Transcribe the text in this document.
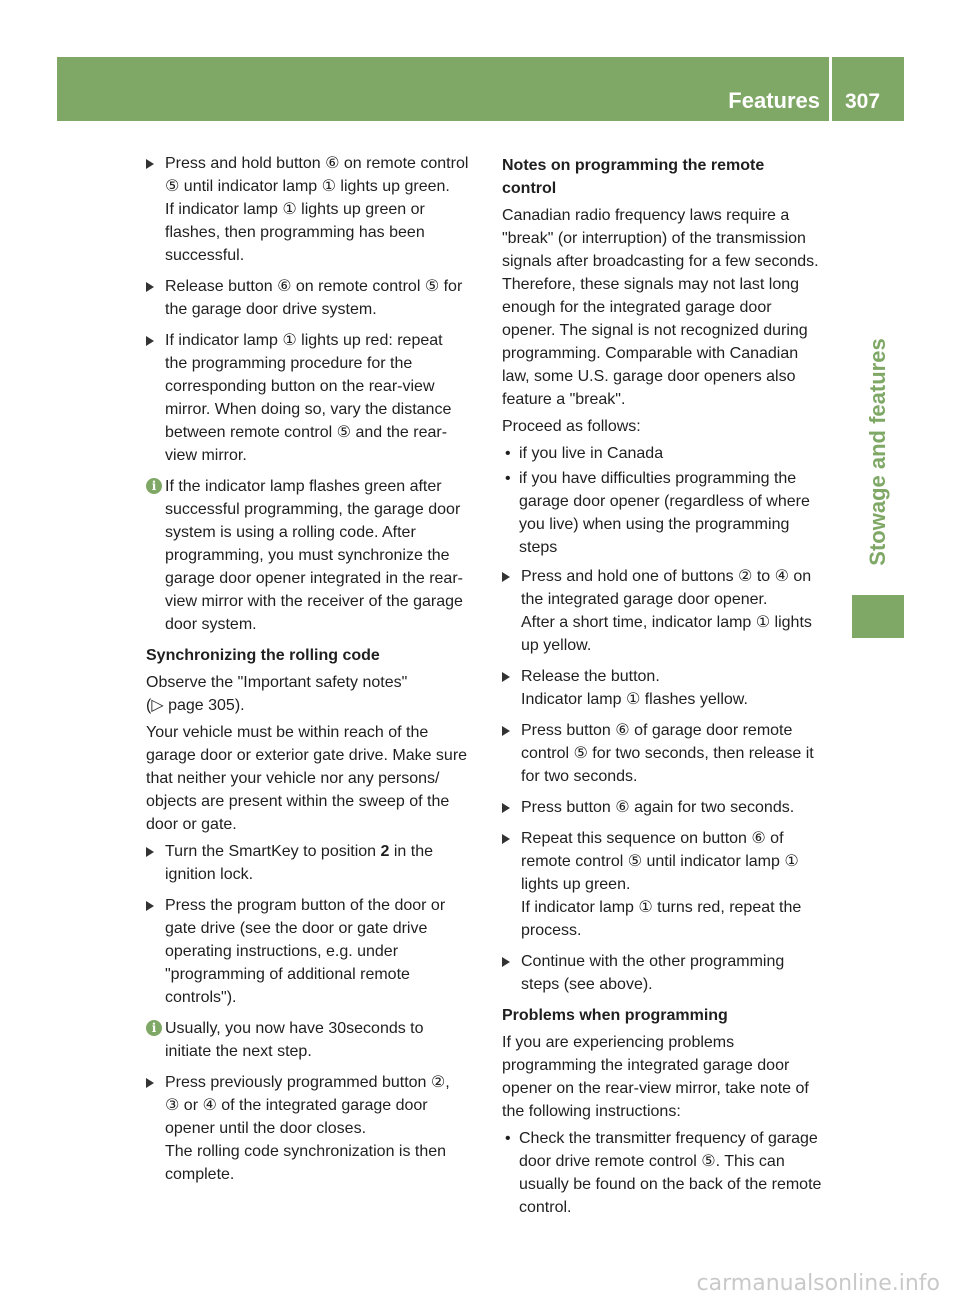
Features 307
Stowage and features
Press and hold button ⑥ on remote control
⑤ until indicator lamp ① lights up green.
If indicator lamp ① lights up green or
flashes, then programming has been
successful.
Release button ⑥ on remote control ⑤ for
the garage door drive system.
If indicator lamp ① lights up red: repeat
the programming procedure for the
corresponding button on the rear-view
mirror. When doing so, vary the distance
between remote control ⑤ and the rear-
view mirror.
i If the indicator lamp flashes green after
successful programming, the garage door
system is using a rolling code. After
programming, you must synchronize the
garage door opener integrated in the rear-
view mirror with the receiver of the garage
door system.
Synchronizing the rolling code
Observe the "Important safety notes"
(▷ page 305).
Your vehicle must be within reach of the
garage door or exterior gate drive. Make sure
that neither your vehicle nor any persons/
objects are present within the sweep of the
door or gate.
Turn the SmartKey to position 2 in the
ignition lock.
Press the program button of the door or
gate drive (see the door or gate drive
operating instructions, e.g. under
"programming of additional remote
controls").
i Usually, you now have 30seconds to
initiate the next step.
Press previously programmed button ②,
③ or ④ of the integrated garage door
opener until the door closes.
The rolling code synchronization is then
complete.
Notes on programming the remote
control
Canadian radio frequency laws require a
"break" (or interruption) of the transmission
signals after broadcasting for a few seconds.
Therefore, these signals may not last long
enough for the integrated garage door
opener. The signal is not recognized during
programming. Comparable with Canadian
law, some U.S. garage door openers also
feature a "break".
Proceed as follows:
• if you live in Canada
• if you have difficulties programming the
garage door opener (regardless of where
you live) when using the programming
steps
Press and hold one of buttons ② to ④ on
the integrated garage door opener.
After a short time, indicator lamp ① lights
up yellow.
Release the button.
Indicator lamp ① flashes yellow.
Press button ⑥ of garage door remote
control ⑤ for two seconds, then release it
for two seconds.
Press button ⑥ again for two seconds.
Repeat this sequence on button ⑥ of
remote control ⑤ until indicator lamp ①
lights up green.
If indicator lamp ① turns red, repeat the
process.
Continue with the other programming
steps (see above).
Problems when programming
If you are experiencing problems
programming the integrated garage door
opener on the rear-view mirror, take note of
the following instructions:
• Check the transmitter frequency of garage
door drive remote control ⑤. This can
usually be found on the back of the remote
control.
carmanualsonline.info
